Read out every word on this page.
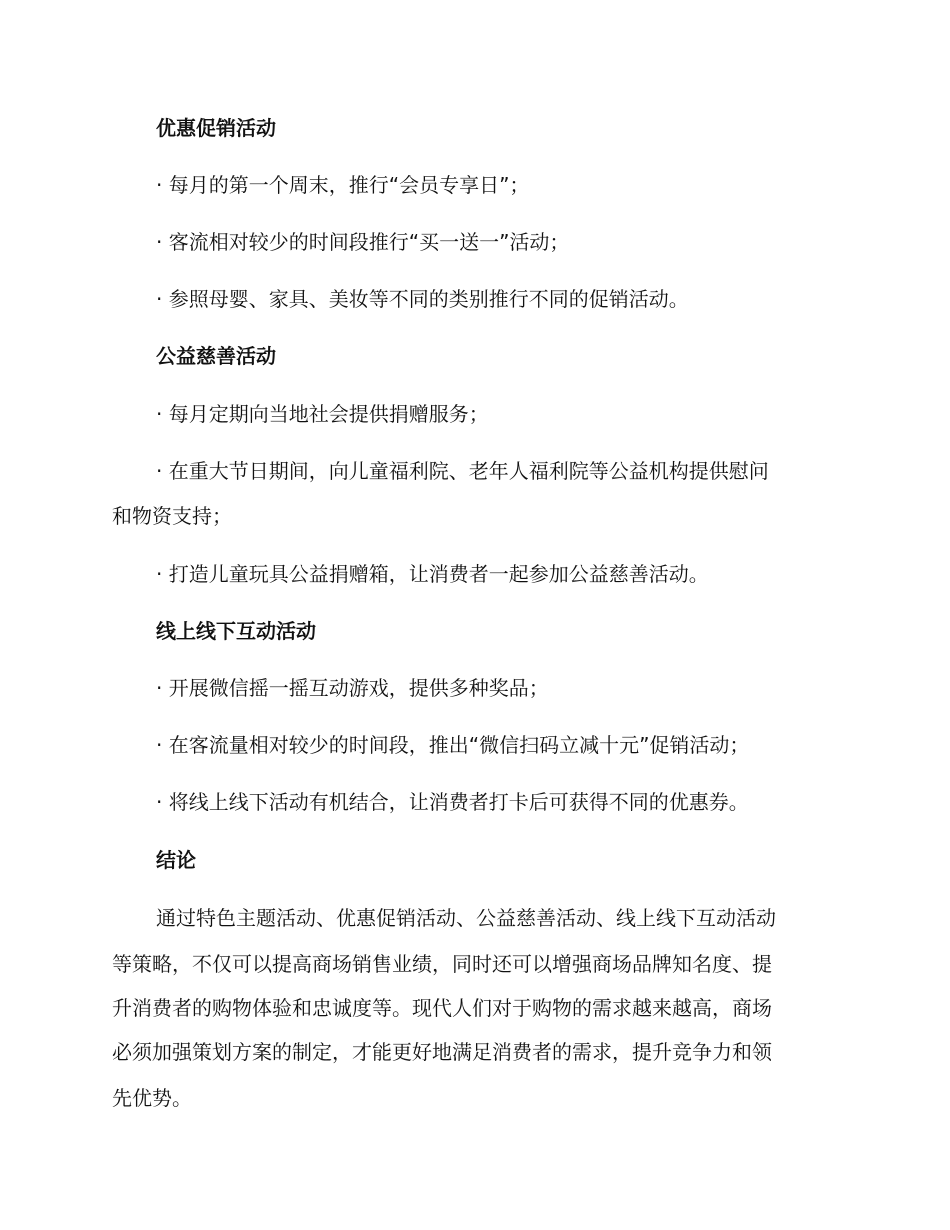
优惠促销活动
· 每月的第一个周末，推行“会员专享日”；
· 客流相对较少的时间段推行“买一送一”活动；
· 参照母婴、家具、美妆等不同的类别推行不同的促销活动。
公益慈善活动
· 每月定期向当地社会提供捐赠服务；
· 在重大节日期间，向儿童福利院、老年人福利院等公益机构提供慰问
和物资支持；
· 打造儿童玩具公益捐赠箱，让消费者一起参加公益慈善活动。
线上线下互动活动
· 开展微信摇一摇互动游戏，提供多种奖品；
· 在客流量相对较少的时间段，推出“微信扫码立减十元”促销活动；
· 将线上线下活动有机结合，让消费者打卡后可获得不同的优惠券。
结论
通过特色主题活动、优惠促销活动、公益慈善活动、线上线下互动活动
等策略，不仅可以提高商场销售业绩，同时还可以增强商场品牌知名度、提
升消费者的购物体验和忠诚度等。现代人们对于购物的需求越来越高，商场
必须加强策划方案的制定，才能更好地满足消费者的需求，提升竞争力和领
先优势。
